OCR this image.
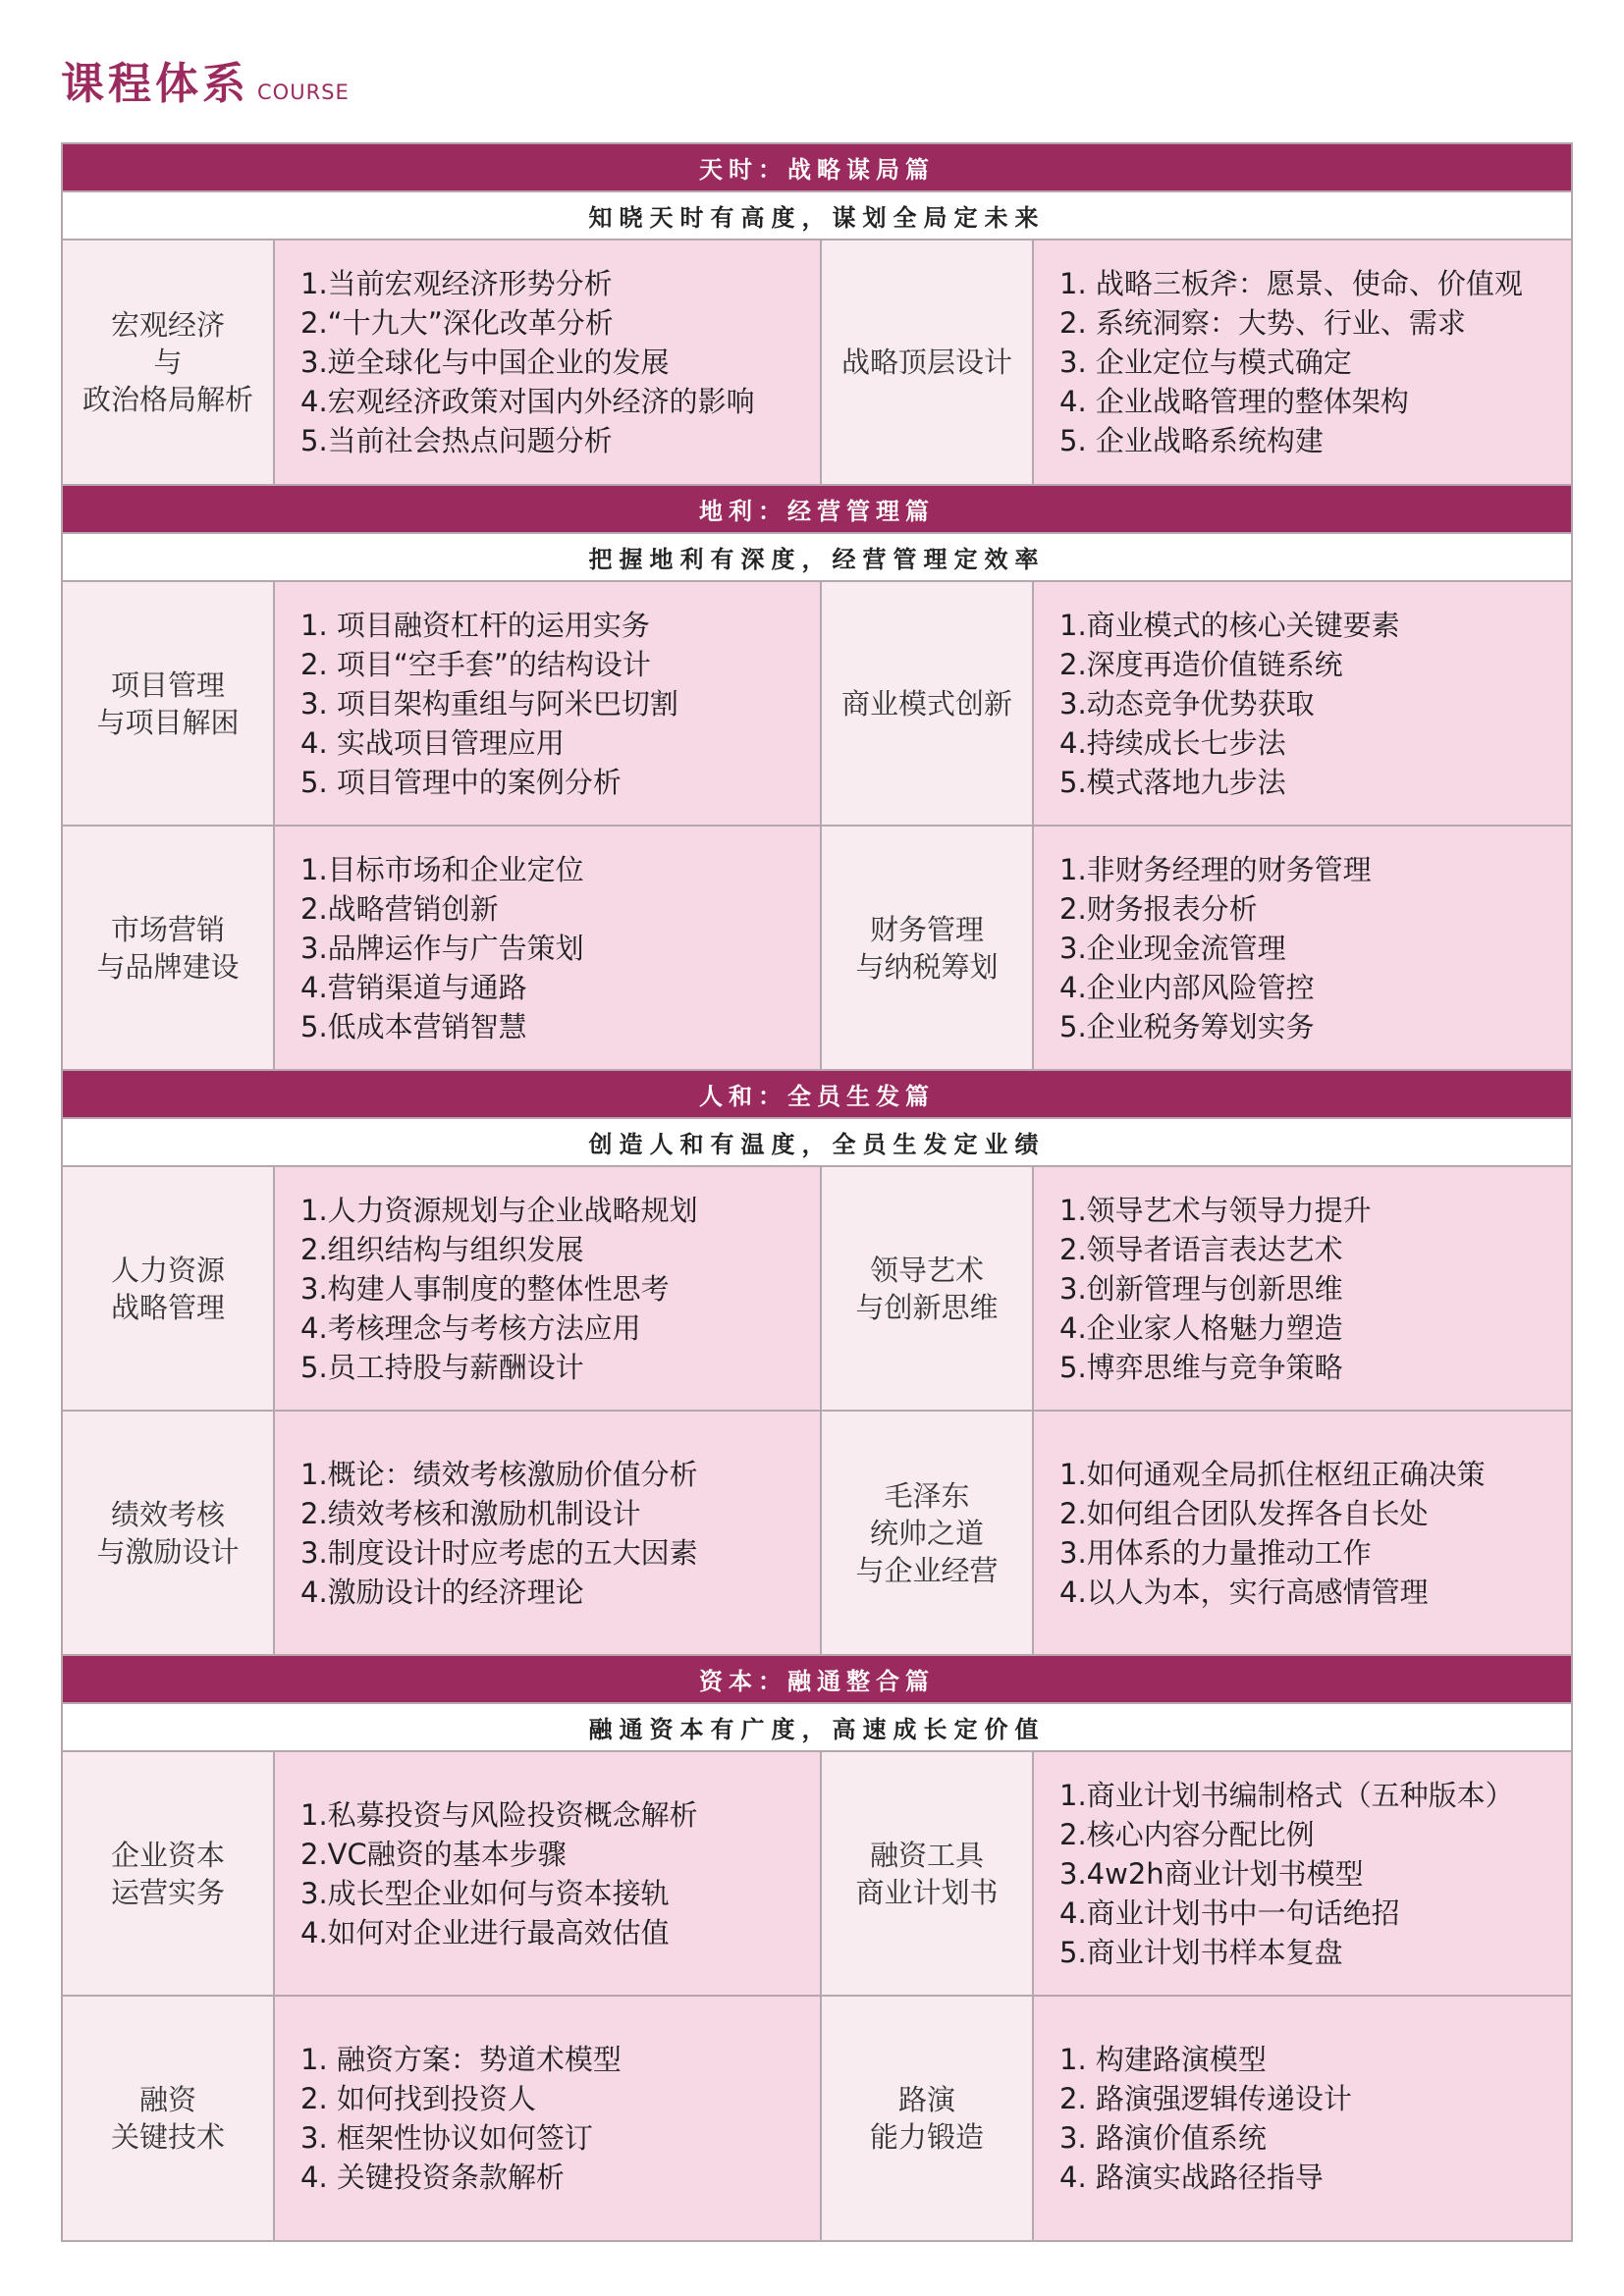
课程体系 COURSE
天时：战略谋局篇			
知晓天时有高度，谋划全局定未来			

宏观经济
与
政治格局解析	1.当前宏观经济形势分析
2.“十九大”深化改革分析
3.逆全球化与中国企业的发展
4.宏观经济政策对国内外经济的影响
5.当前社会热点问题分析	战略顶层设计	1. 战略三板斧：愿景、使命、价值观
2. 系统洞察：大势、行业、需求
3. 企业定位与模式确定
4. 企业战略管理的整体架构
5. 企业战略系统构建

地利：经营管理篇			
把握地利有深度，经营管理定效率			

项目管理
与项目解困	1. 项目融资杠杆的运用实务
2. 项目“空手套”的结构设计
3. 项目架构重组与阿米巴切割
4. 实战项目管理应用
5. 项目管理中的案例分析	商业模式创新	1.商业模式的核心关键要素
2.深度再造价值链系统
3.动态竞争优势获取
4.持续成长七步法
5.模式落地九步法

市场营销
与品牌建设	1.目标市场和企业定位
2.战略营销创新
3.品牌运作与广告策划
4.营销渠道与通路
5.低成本营销智慧	财务管理
与纳税筹划	1.非财务经理的财务管理
2.财务报表分析
3.企业现金流管理
4.企业内部风险管控
5.企业税务筹划实务

人和：全员生发篇			
创造人和有温度，全员生发定业绩			

人力资源
战略管理	1.人力资源规划与企业战略规划
2.组织结构与组织发展
3.构建人事制度的整体性思考
4.考核理念与考核方法应用
5.员工持股与薪酬设计	领导艺术
与创新思维	1.领导艺术与领导力提升
2.领导者语言表达艺术
3.创新管理与创新思维
4.企业家人格魅力塑造
5.博弈思维与竞争策略

绩效考核
与激励设计	1.概论：绩效考核激励价值分析
2.绩效考核和激励机制设计
3.制度设计时应考虑的五大因素
4.激励设计的经济理论	毛泽东
统帅之道
与企业经营	1.如何通观全局抓住枢纽正确决策
2.如何组合团队发挥各自长处
3.用体系的力量推动工作
4.以人为本，实行高感情管理

资本：融通整合篇			
融通资本有广度，高速成长定价值			

企业资本
运营实务	1.私募投资与风险投资概念解析
2.VC融资的基本步骤
3.成长型企业如何与资本接轨
4.如何对企业进行最高效估值	融资工具
商业计划书	1.商业计划书编制格式（五种版本）
2.核心内容分配比例
3.4w2h商业计划书模型
4.商业计划书中一句话绝招
5.商业计划书样本复盘

融资
关键技术	1. 融资方案：势道术模型
2. 如何找到投资人
3. 框架性协议如何签订
4. 关键投资条款解析	路演
能力锻造	1. 构建路演模型
2. 路演强逻辑传递设计
3. 路演价值系统
4. 路演实战路径指导
